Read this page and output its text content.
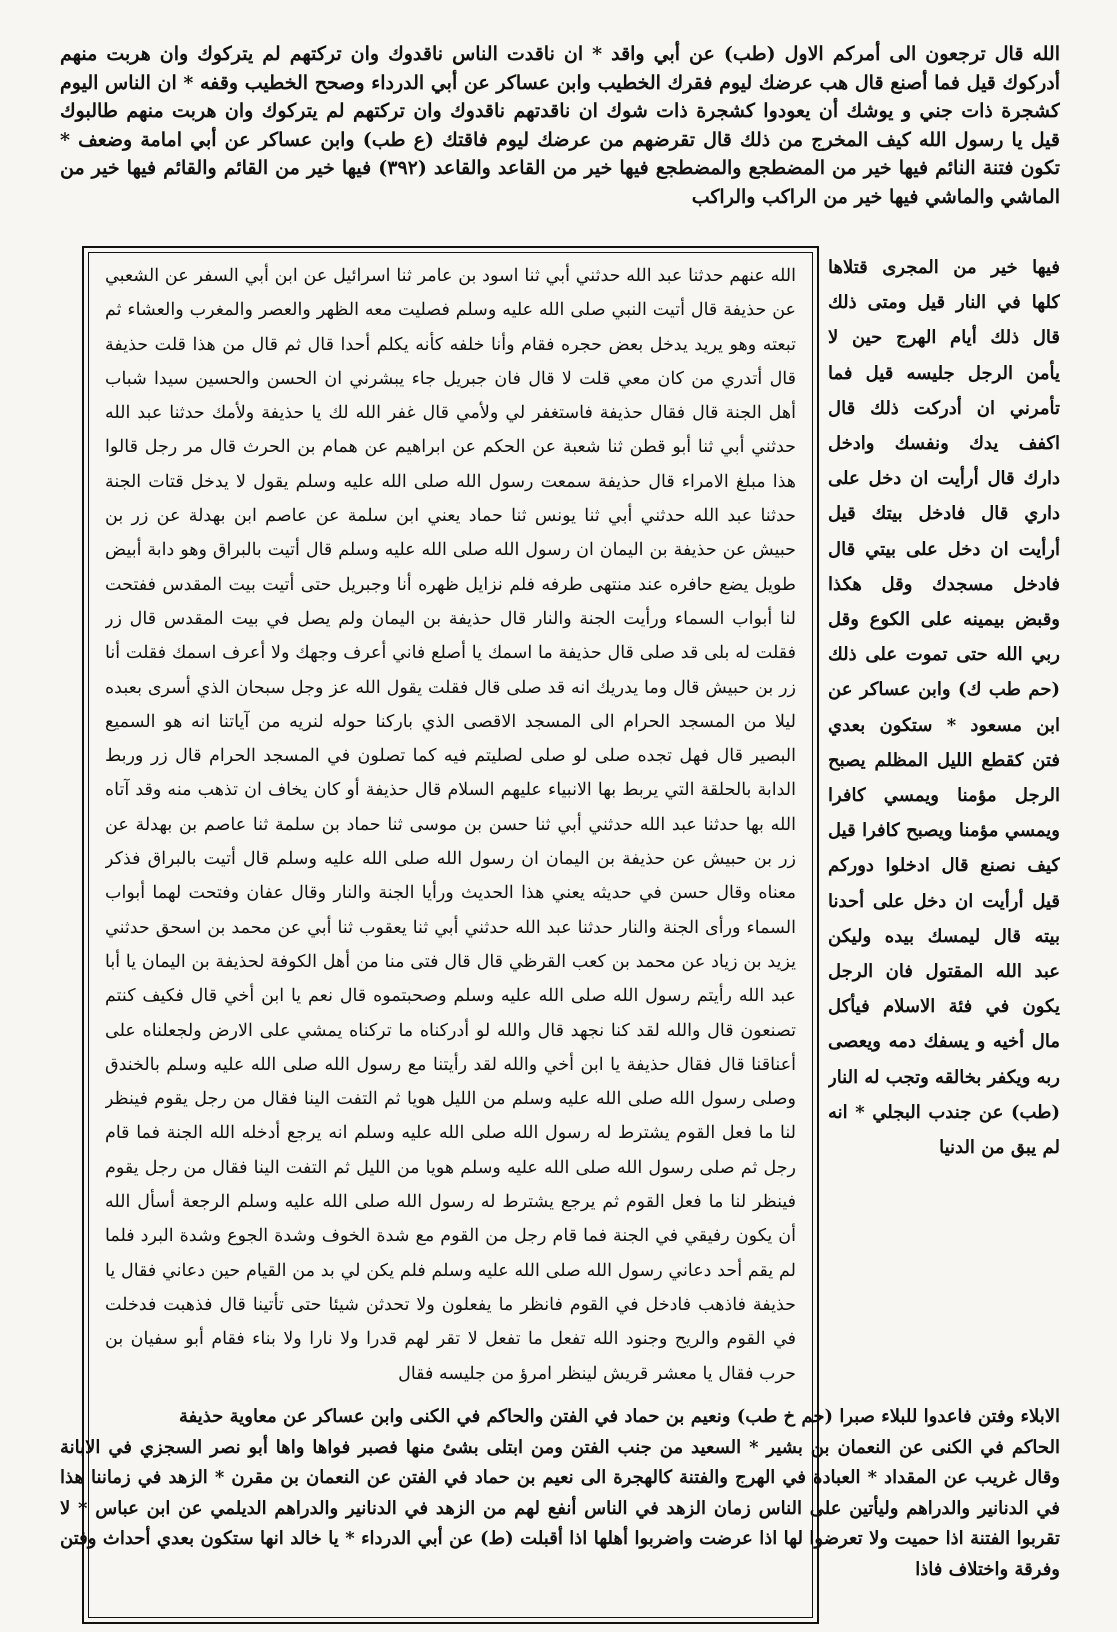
الله قال ترجعون الى أمركم الاول (طب) عن أبي واقد * ان ناقدت الناس ناقدوك وان تركتهم لم يتركوك وان هربت منهم أدركوك قيل فما أصنع قال هب عرضك ليوم فقرك الخطيب وابن عساكر عن أبي الدرداء وصحح الخطيب وقفه * ان الناس اليوم كشجرة ذات جني و يوشك أن يعودوا كشجرة ذات شوك ان ناقدتهم ناقدوك وان تركتهم لم يتركوك وان هربت منهم طالبوك قيل يا رسول الله كيف المخرج من ذلك قال تقرضهم من عرضك ليوم فاقتك (ع طب) وابن عساكر عن أبي امامة وضعف * تكون فتنة النائم فيها خير من المضطجع والمضطجع فيها خير من القاعد والقاعد (٣٩٢) فيها خير من القائم والقائم فيها خير من الماشي والماشي فيها خير من الراكب والراكب

فيها خير من المجرى قتلاها كلها في النار قيل ومتى ذلك قال ذلك أيام الهرج حين لا يأمن الرجل جليسه قيل فما تأمرني ان أدركت ذلك قال اكفف يدك ونفسك وادخل دارك قال أرأيت ان دخل على داري قال فادخل بيتك قيل أرأيت ان دخل على بيتي قال فادخل مسجدك وقل هكذا وقبض بيمينه على الكوع وقل ربي الله حتى تموت على ذلك (حم طب ك) وابن عساكر عن ابن مسعود * ستكون بعدي فتن كقطع الليل المظلم يصبح الرجل مؤمنا ويمسي كافرا ويمسي مؤمنا ويصبح كافرا قيل كيف نصنع قال ادخلوا دوركم قيل أرأيت ان دخل على أحدنا بيته قال ليمسك بيده وليكن عبد الله المقتول فان الرجل يكون في فئة الاسلام فيأكل مال أخيه و يسفك دمه ويعصى ربه ويكفر بخالقه وتجب له النار (طب) عن جندب البجلي * انه لم يبق من الدنيا

الله عنهم حدثنا عبد الله حدثني أبي ثنا اسود بن عامر ثنا اسرائيل عن ابن أبي السفر عن الشعبي عن حذيفة قال أتيت النبي صلى الله عليه وسلم فصليت معه الظهر والعصر والمغرب والعشاء ثم تبعته وهو يريد يدخل بعض حجره فقام وأنا خلفه كأنه يكلم أحدا قال ثم قال من هذا قلت حذيفة قال أتدري من كان معي قلت لا قال فان جبريل جاء يبشرني ان الحسن والحسين سيدا شباب أهل الجنة قال فقال حذيفة فاستغفر لي ولأمي قال غفر الله لك يا حذيفة ولأمك حدثنا عبد الله حدثني أبي ثنا أبو قطن ثنا شعبة عن الحكم عن ابراهيم عن همام بن الحرث قال مر رجل قالوا هذا مبلغ الامراء قال حذيفة سمعت رسول الله صلى الله عليه وسلم يقول لا يدخل قتات الجنة حدثنا عبد الله حدثني أبي ثنا يونس ثنا حماد يعني ابن سلمة عن عاصم ابن بهدلة عن زر بن حبيش عن حذيفة بن اليمان ان رسول الله صلى الله عليه وسلم قال أتيت بالبراق وهو دابة أبيض طويل يضع حافره عند منتهى طرفه فلم نزايل ظهره أنا وجبريل حتى أتيت بيت المقدس ففتحت لنا أبواب السماء ورأيت الجنة والنار قال حذيفة بن اليمان ولم يصل في بيت المقدس قال زر فقلت له بلى قد صلى قال حذيفة ما اسمك يا أصلع فاني أعرف وجهك ولا أعرف اسمك فقلت أنا زر بن حبيش قال وما يدريك انه قد صلى قال فقلت يقول الله عز وجل سبحان الذي أسرى بعبده ليلا من المسجد الحرام الى المسجد الاقصى الذي باركنا حوله لنريه من آياتنا انه هو السميع البصير قال فهل تجده صلى لو صلى لصليتم فيه كما تصلون في المسجد الحرام قال زر وربط الدابة بالحلقة التي يربط بها الانبياء عليهم السلام قال حذيفة أو كان يخاف ان تذهب منه وقد آتاه الله بها حدثنا عبد الله حدثني أبي ثنا حسن بن موسى ثنا حماد بن سلمة ثنا عاصم بن بهدلة عن زر بن حبيش عن حذيفة بن اليمان ان رسول الله صلى الله عليه وسلم قال أتيت بالبراق فذكر معناه وقال حسن في حديثه يعني هذا الحديث ورأيا الجنة والنار وقال عفان وفتحت لهما أبواب السماء ورأى الجنة والنار حدثنا عبد الله حدثني أبي ثنا يعقوب ثنا أبي عن محمد بن اسحق حدثني يزيد بن زياد عن محمد بن كعب القرظي قال قال فتى منا من أهل الكوفة لحذيفة بن اليمان يا أبا عبد الله رأيتم رسول الله صلى الله عليه وسلم وصحبتموه قال نعم يا ابن أخي قال فكيف كنتم تصنعون قال والله لقد كنا نجهد قال والله لو أدركناه ما تركناه يمشي على الارض ولجعلناه على أعناقنا قال فقال حذيفة يا ابن أخي والله لقد رأيتنا مع رسول الله صلى الله عليه وسلم بالخندق وصلى رسول الله صلى الله عليه وسلم من الليل هويا ثم التفت الينا فقال من رجل يقوم فينظر لنا ما فعل القوم يشترط له رسول الله صلى الله عليه وسلم انه يرجع أدخله الله الجنة فما قام رجل ثم صلى رسول الله صلى الله عليه وسلم هويا من الليل ثم التفت الينا فقال من رجل يقوم فينظر لنا ما فعل القوم ثم يرجع يشترط له رسول الله صلى الله عليه وسلم الرجعة أسأل الله أن يكون رفيقي في الجنة فما قام رجل من القوم مع شدة الخوف وشدة الجوع وشدة البرد فلما لم يقم أحد دعاني رسول الله صلى الله عليه وسلم فلم يكن لي بد من القيام حين دعاني فقال يا حذيفة فاذهب فادخل في القوم فانظر ما يفعلون ولا تحدثن شيئا حتى تأتينا قال فذهبت فدخلت في القوم والريح وجنود الله تفعل ما تفعل لا تقر لهم قدرا ولا نارا ولا بناء فقام أبو سفيان بن حرب فقال يا معشر قريش لينظر امرؤ من جليسه فقال

الابلاء وفتن فاعدوا للبلاء صبرا (حم خ طب) ونعيم بن حماد في الفتن والحاكم في الكنى وابن عساكر عن معاوية حذيفة

الحاكم في الكنى عن النعمان بن بشير * السعيد من جنب الفتن ومن ابتلى بشئ منها فصبر فواها واها أبو نصر السجزي في الابانة وقال غريب عن المقداد * العبادة في الهرج والفتنة كالهجرة الى نعيم بن حماد في الفتن عن النعمان بن مقرن * الزهد في زماننا هذا في الدنانير والدراهم وليأتين على الناس زمان الزهد في الناس أنفع لهم من الزهد في الدنانير والدراهم الديلمي عن ابن عباس * لا تقربوا الفتنة اذا حميت ولا تعرضوا لها اذا عرضت واضربوا أهلها اذا أقبلت (ط) عن أبي الدرداء * يا خالد انها ستكون بعدي أحداث وفتن وفرقة واختلاف فاذا
